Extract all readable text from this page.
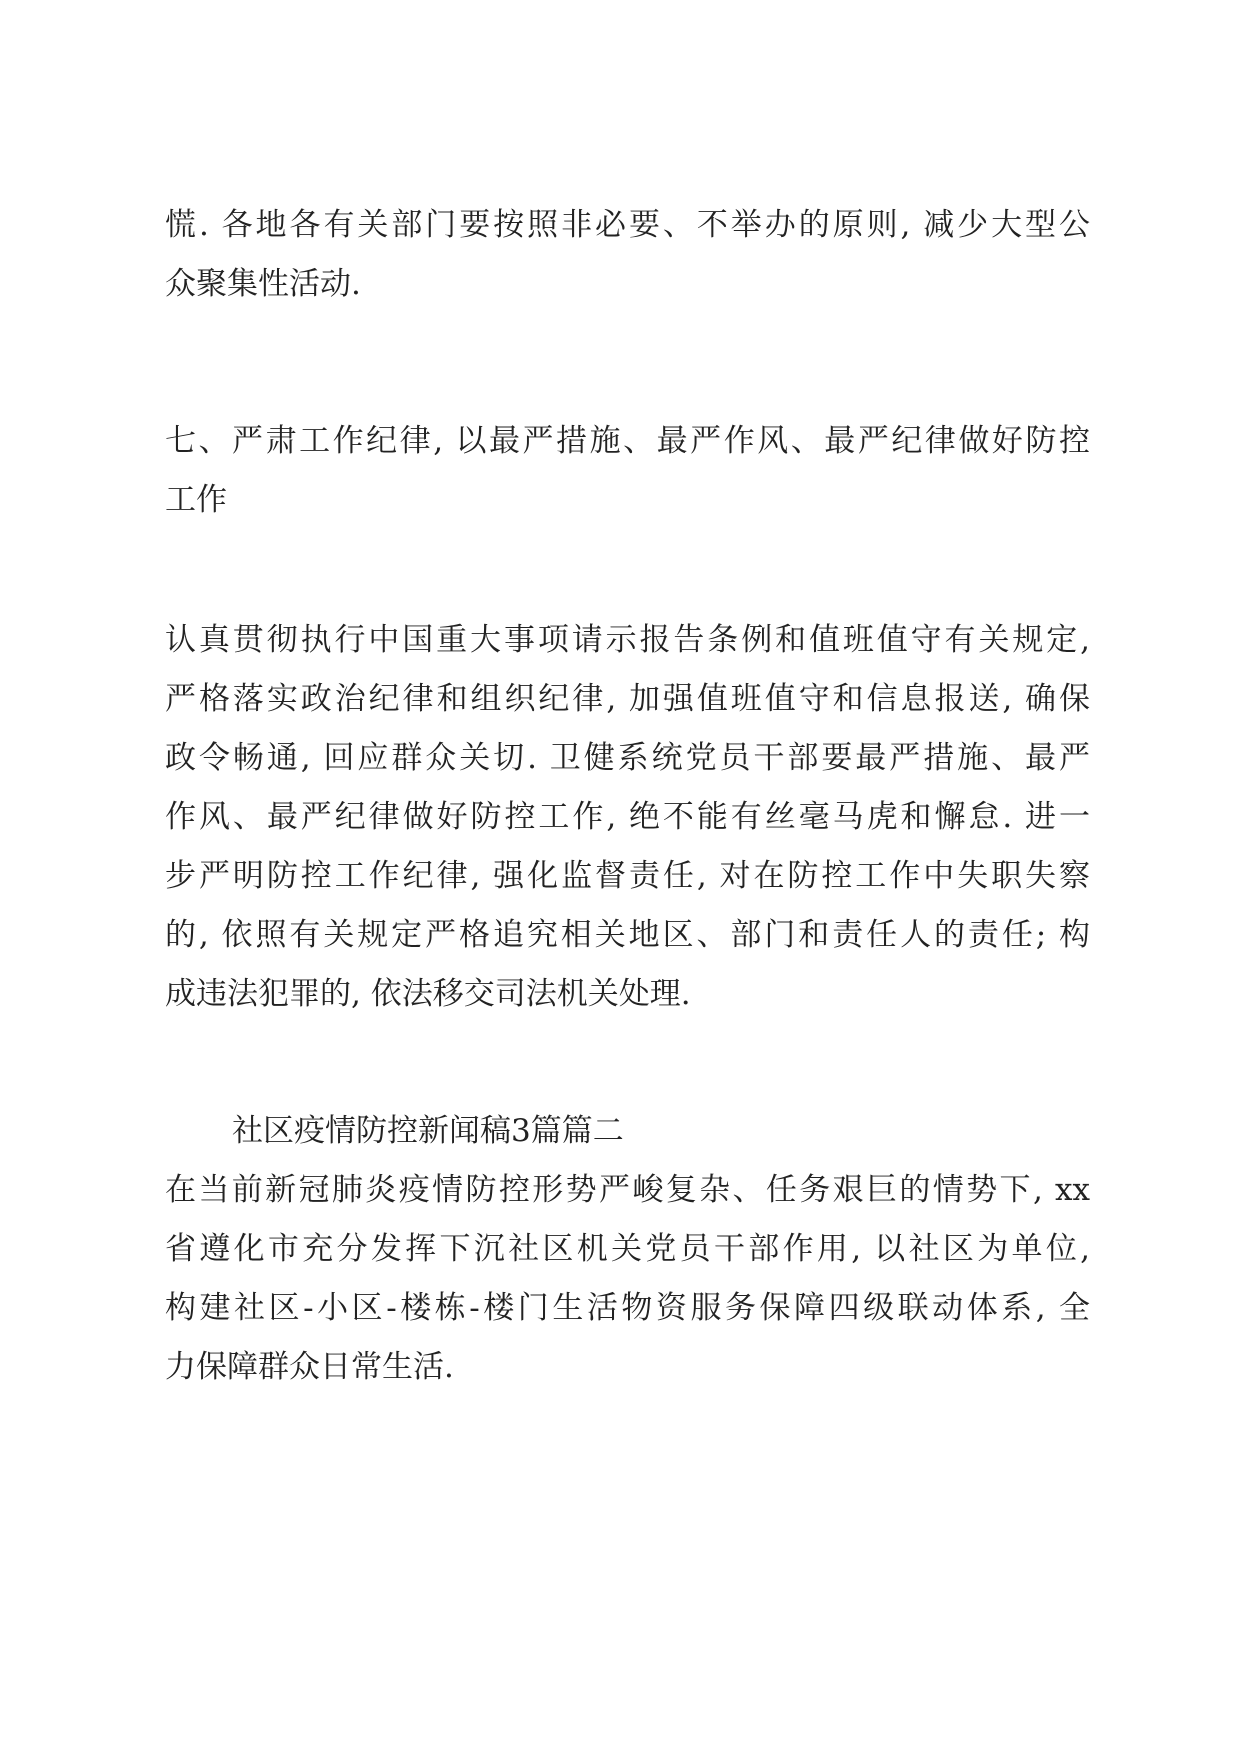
慌. 各地各有关部门要按照非必要、不举办的原则, 减少大型公
众聚集性活动.
七、严肃工作纪律, 以最严措施、最严作风、最严纪律做好防控
工作
认真贯彻执行中国重大事项请示报告条例和值班值守有关规定,
严格落实政治纪律和组织纪律, 加强值班值守和信息报送, 确保
政令畅通, 回应群众关切. 卫健系统党员干部要最严措施、最严
作风、最严纪律做好防控工作, 绝不能有丝毫马虎和懈怠. 进一
步严明防控工作纪律, 强化监督责任, 对在防控工作中失职失察
的, 依照有关规定严格追究相关地区、部门和责任人的责任; 构
成违法犯罪的, 依法移交司法机关处理.
社区疫情防控新闻稿3篇篇二
在当前新冠肺炎疫情防控形势严峻复杂、任务艰巨的情势下, xx
省遵化市充分发挥下沉社区机关党员干部作用, 以社区为单位,
构建社区-小区-楼栋-楼门生活物资服务保障四级联动体系, 全
力保障群众日常生活.
